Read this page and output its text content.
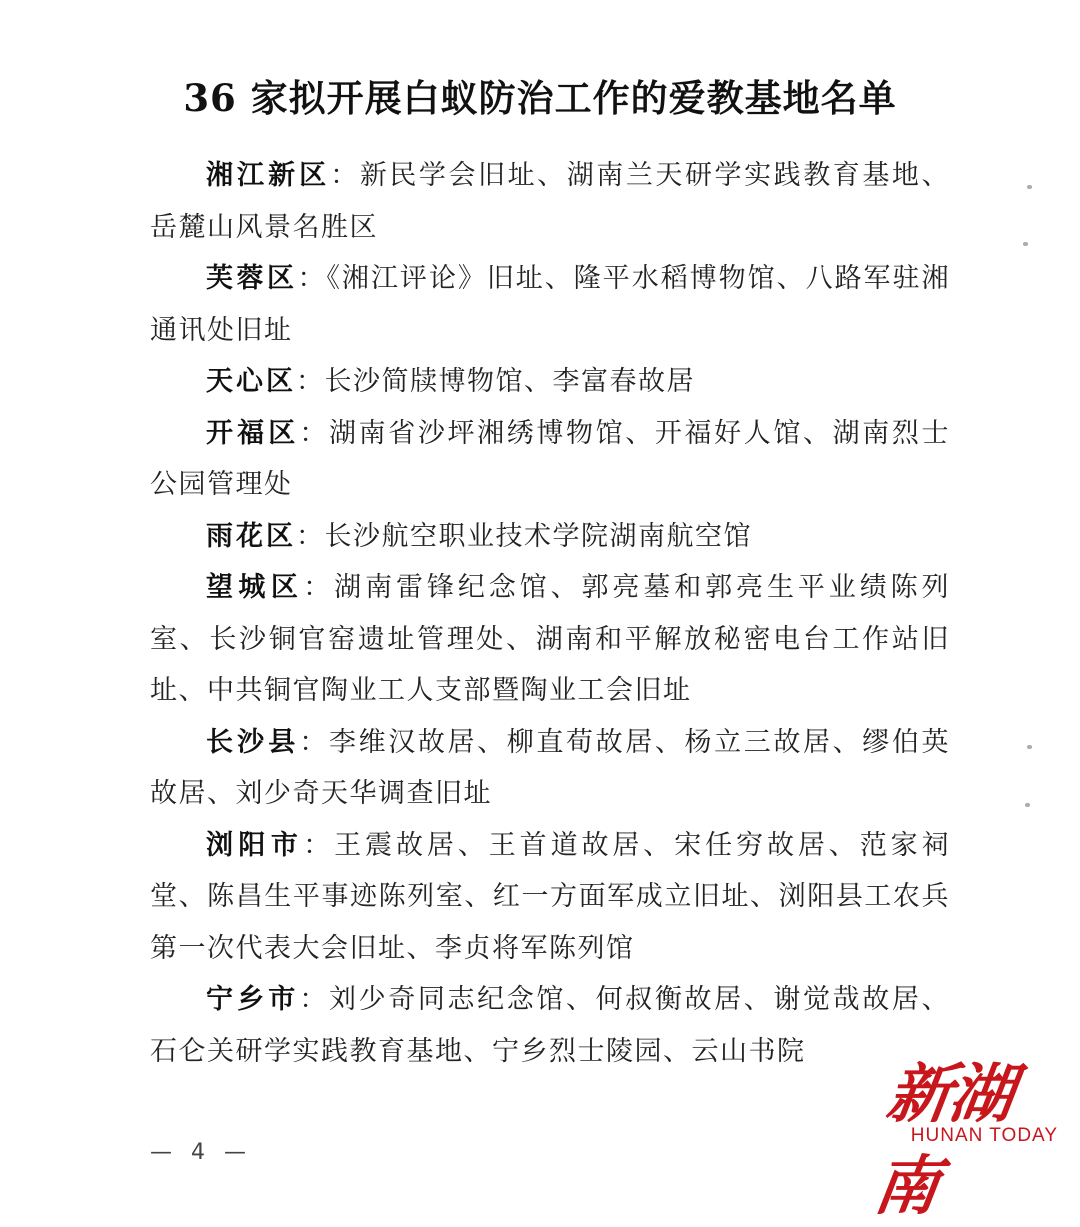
36 家拟开展白蚁防治工作的爱教基地名单

湘江新区：新民学会旧址、湖南兰天研学实践教育基地、岳麓山风景名胜区

芙蓉区：《湘江评论》旧址、隆平水稻博物馆、八路军驻湘通讯处旧址

天心区：长沙简牍博物馆、李富春故居

开福区：湖南省沙坪湘绣博物馆、开福好人馆、湖南烈士公园管理处

雨花区：长沙航空职业技术学院湖南航空馆

望城区：湖南雷锋纪念馆、郭亮墓和郭亮生平业绩陈列室、长沙铜官窑遗址管理处、湖南和平解放秘密电台工作站旧址、中共铜官陶业工人支部暨陶业工会旧址

长沙县：李维汉故居、柳直荀故居、杨立三故居、缪伯英故居、刘少奇天华调查旧址

浏阳市：王震故居、王首道故居、宋任穷故居、范家祠堂、陈昌生平事迹陈列室、红一方面军成立旧址、浏阳县工农兵第一次代表大会旧址、李贞将军陈列馆

宁乡市：刘少奇同志纪念馆、何叔衡故居、谢觉哉故居、石仑关研学实践教育基地、宁乡烈士陵园、云山书院

— 4 —
新湖南
HUNAN TODAY
